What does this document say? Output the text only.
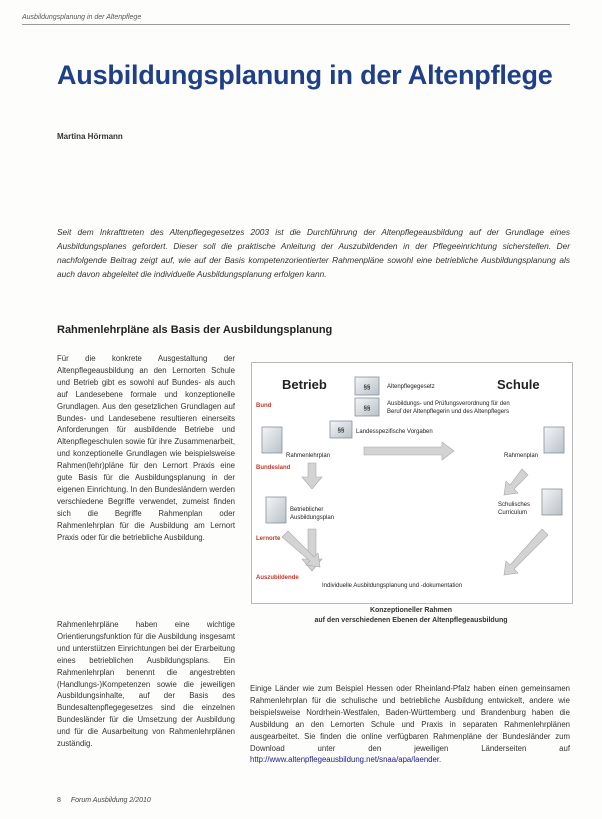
Ausbildungsplanung in der Altenpflege
Ausbildungsplanung in der Altenpflege
Martina Hörmann

Seit dem Inkrafttreten des Altenpflegegesetzes 2003 ist die Durchführung der Altenpflegeausbildung auf der Grundlage eines Ausbildungsplanes gefordert. Dieser soll die praktische Anleitung der Auszubildenden in der Pflegeeinrichtung sicherstellen. Der nachfolgende Beitrag zeigt auf, wie auf der Basis kompetenzorientierter Rahmenpläne sowohl eine betriebliche Ausbildungsplanung als auch davon abgeleitet die individuelle Ausbildungsplanung erfolgen kann.

Rahmenlehrpläne als Basis der Ausbildungsplanung

Für die konkrete Ausgestaltung der Altenpflegeausbildung an den Lernorten Schule und Betrieb gibt es sowohl auf Bundes- als auch auf Landesebene formale und konzeptionelle Grundlagen. Aus den gesetzlichen Grundlagen auf Bundes- und Landesebene resultieren einerseits Anforderungen für ausbildende Betriebe und Altenpflegeschulen sowie für ihre Zusammenarbeit, und konzeptionelle Grundlagen wie beispielsweise Rahmen(lehr)pläne für den Lernort Praxis eine gute Basis für die Ausbildungsplanung in der eigenen Einrichtung. In den Bundesländern werden verschiedene Begriffe verwendet, zumeist finden sich die Begriffe Rahmenplan oder Rahmenlehrplan für die Ausbildung am Lernort Praxis oder für die betriebliche Ausbildung.

Rahmenlehrpläne haben eine wichtige Orientierungsfunktion für die Ausbildung insgesamt und unterstützen Einrichtungen bei der Erarbeitung eines betrieblichen Ausbildungsplans. Ein Rahmenlehrplan benennt die angestrebten (Handlungs-)Kompetenzen sowie die jeweiligen Ausbildungsinhalte, auf der Basis des Bundesaltenpflegegesetzes sind die einzelnen Bundesländer für die Umsetzung der Ausbildung und für die Ausarbeitung von Rahmenlehrplänen zuständig.

Betrieb	Schule
Bund
Bundesland
Lernorte
Auszubildende
§§
§§
§§
Altenpflegegesetz
Ausbildungs- und Prüfungsverordnung für den
Beruf der Altenpflegerin und des Altenpflegers
Landesspezifische Vorgaben
Rahmenlehrplan	Rahmenplan
Betrieblicher
Ausbildungsplan
Schulisches
Curriculum
Individuelle Ausbildungsplanung und -dokumentation
Konzeptioneller Rahmen
auf den verschiedenen Ebenen der Altenpflegeausbildung

Einige Länder wie zum Beispiel Hessen oder Rheinland-Pfalz haben einen gemeinsamen Rahmenlehrplan für die schulische und betriebliche Ausbildung entwickelt, andere wie beispielsweise Nordrhein-Westfalen, Baden-Württemberg und Brandenburg haben die Ausbildung an den Lernorten Schule und Praxis in separaten Rahmenlehrplänen ausgearbeitet. Sie finden die online verfügbaren Rahmenpläne der Bundesländer zum Download unter den jeweiligen Länderseiten auf http://www.altenpflegeausbildung.net/snaa/apa/laender.

8 Forum Ausbildung 2/2010
